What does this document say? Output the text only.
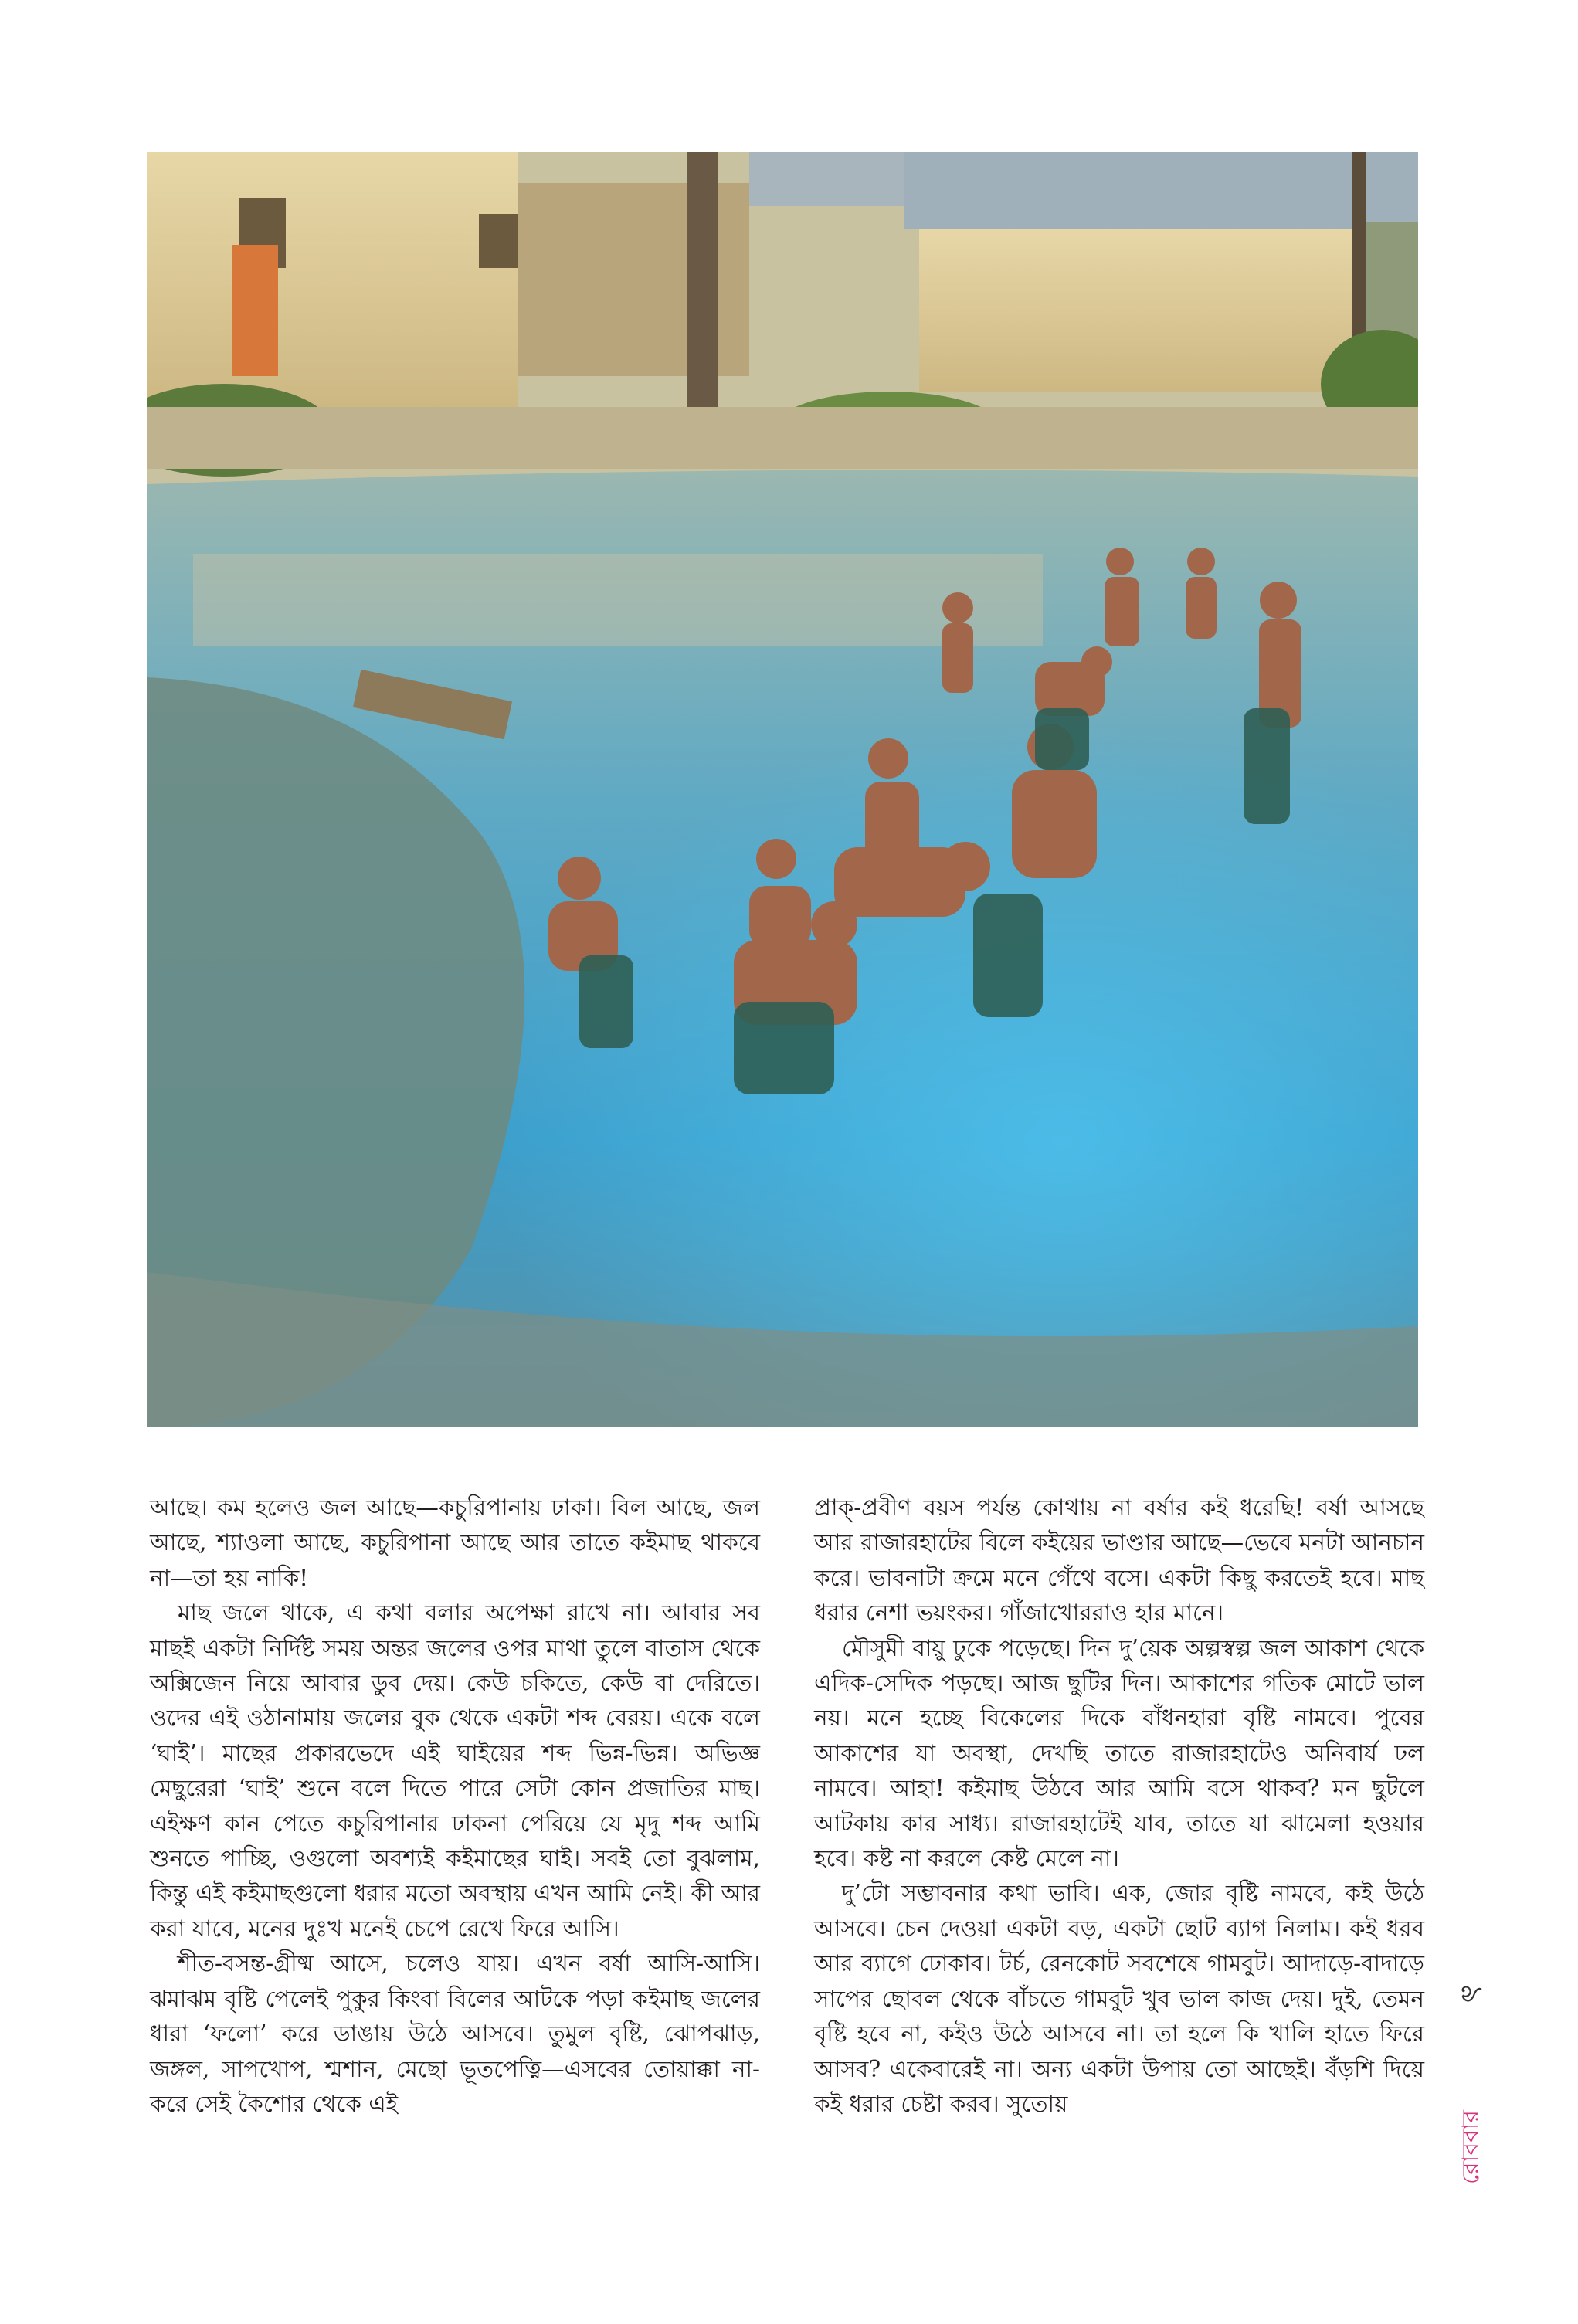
আছে। কম হলেও জল আছে—কচুরিপানায় ঢাকা। বিল আছে, জল আছে, শ্যাওলা আছে, কচুরিপানা আছে আর তাতে কইমাছ থাকবে না—তা হয় নাকি!

মাছ জলে থাকে, এ কথা বলার অপেক্ষা রাখে না। আবার সব মাছই একটা নির্দিষ্ট সময় অন্তর জলের ওপর মাথা তুলে বাতাস থেকে অক্সিজেন নিয়ে আবার ডুব দেয়। কেউ চকিতে, কেউ বা দেরিতে। ওদের এই ওঠানামায় জলের বুক থেকে একটা শব্দ বেরয়। একে বলে ‘ঘাই’। মাছের প্রকারভেদে এই ঘাইয়ের শব্দ ভিন্ন-ভিন্ন। অভিজ্ঞ মেছুরেরা ‘ঘাই’ শুনে বলে দিতে পারে সেটা কোন প্রজাতির মাছ। এইক্ষণ কান পেতে কচুরিপানার ঢাকনা পেরিয়ে যে মৃদু শব্দ আমি শুনতে পাচ্ছি, ওগুলো অবশ্যই কইমাছের ঘাই। সবই তো বুঝলাম, কিন্তু এই কইমাছগুলো ধরার মতো অবস্থায় এখন আমি নেই। কী আর করা যাবে, মনের দুঃখ মনেই চেপে রেখে ফিরে আসি।

শীত-বসন্ত-গ্রীষ্ম আসে, চলেও যায়। এখন বর্ষা আসি-আসি। ঝমাঝম বৃষ্টি পেলেই পুকুর কিংবা বিলের আটকে পড়া কইমাছ জলের ধারা ‘ফলো’ করে ডাঙায় উঠে আসবে। তুমুল বৃষ্টি, ঝোপঝাড়, জঙ্গল, সাপখোপ, শ্মশান, মেছো ভূতপেত্নি—এসবের তোয়াক্কা না-করে সেই কৈশোর থেকে এই

প্রাক্‌-প্রবীণ বয়স পর্যন্ত কোথায় না বর্ষার কই ধরেছি! বর্ষা আসছে আর রাজারহাটের বিলে কইয়ের ভাণ্ডার আছে—ভেবে মনটা আনচান করে। ভাবনাটা ক্রমে মনে গেঁথে বসে। একটা কিছু করতেই হবে। মাছ ধরার নেশা ভয়ংকর। গাঁজাখোররাও হার মানে।

মৌসুমী বায়ু ঢুকে পড়েছে। দিন দু’য়েক অল্পস্বল্প জল আকাশ থেকে এদিক-সেদিক পড়ছে। আজ ছুটির দিন। আকাশের গতিক মোটে ভাল নয়। মনে হচ্ছে বিকেলের দিকে বাঁধনহারা বৃষ্টি নামবে। পুবের আকাশের যা অবস্থা, দেখছি তাতে রাজারহাটেও অনিবার্য ঢল নামবে। আহা! কইমাছ উঠবে আর আমি বসে থাকব? মন ছুটলে আটকায় কার সাধ্য। রাজারহাটেই যাব, তাতে যা ঝামেলা হওয়ার হবে। কষ্ট না করলে কেষ্ট মেলে না।

দু’টো সম্ভাবনার কথা ভাবি। এক, জোর বৃষ্টি নামবে, কই উঠে আসবে। চেন দেওয়া একটা বড়, একটা ছোট ব্যাগ নিলাম। কই ধরব আর ব্যাগে ঢোকাব। টর্চ, রেনকোট সবশেষে গামবুট। আদাড়ে-বাদাড়ে সাপের ছোবল থেকে বাঁচতে গামবুট খুব ভাল কাজ দেয়। দুই, তেমন বৃষ্টি হবে না, কইও উঠে আসবে না। তা হলে কি খালি হাতে ফিরে আসব? একেবারেই না। অন্য একটা উপায় তো আছেই। বঁড়শি দিয়ে কই ধরার চেষ্টা করব। সুতোয়

৯
রোববার
